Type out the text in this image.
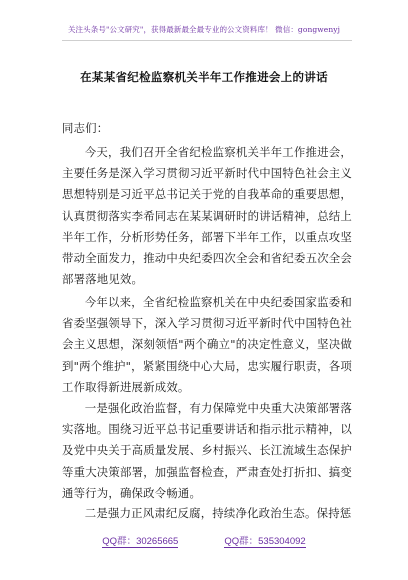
关注头条号"公文研究"，获得最新最全最专业的公文资料库！ 微信：gongwenyj
在某某省纪检监察机关半年工作推进会上的讲话
同志们：

今天，我们召开全省纪检监察机关半年工作推进会，主要任务是深入学习贯彻习近平新时代中国特色社会主义思想特别是习近平总书记关于党的自我革命的重要思想，认真贯彻落实李希同志在某某调研时的讲话精神，总结上半年工作，分析形势任务，部署下半年工作，以重点攻坚带动全面发力，推动中央纪委四次全会和省纪委五次全会部署落地见效。

今年以来，全省纪检监察机关在中央纪委国家监委和省委坚强领导下，深入学习贯彻习近平新时代中国特色社会主义思想，深刻领悟"两个确立"的决定性意义，坚决做到"两个维护"，紧紧围绕中心大局，忠实履行职责，各项工作取得新进展新成效。

一是强化政治监督，有力保障党中央重大决策部署落实落地。围绕习近平总书记重要讲话和指示批示精神，以及党中央关于高质量发展、乡村振兴、长江流域生态保护等重大决策部署，加强监督检查，严肃查处打折扣、搞变通等行为，确保政令畅通。

二是强力正风肃纪反腐，持续净化政治生态。保持惩

QQ群：30265665	QQ群：535304092
